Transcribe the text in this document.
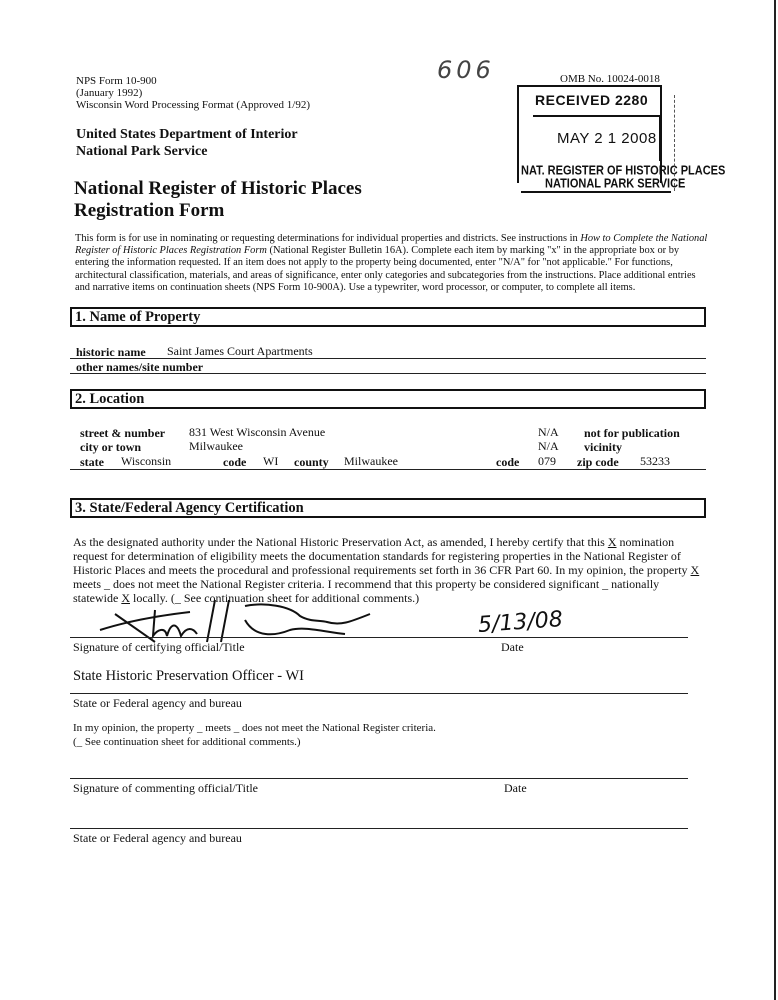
NPS Form 10-900
(January 1992)
Wisconsin Word Processing Format (Approved 1/92)
606	OMB No. 10024-0018
RECEIVED 2280
MAY 2 1 2008
NAT. REGISTER OF HISTORIC PLACES
NATIONAL PARK SERVICE
United States Department of Interior
National Park Service
National Register of Historic Places
Registration Form
This form is for use in nominating or requesting determinations for individual properties and districts. See instructions in How to Complete the National Register of Historic Places Registration Form (National Register Bulletin 16A). Complete each item by marking "x" in the appropriate box or by entering the information requested. If an item does not apply to the property being documented, enter "N/A" for "not applicable." For functions, architectural classification, materials, and areas of significance, enter only categories and subcategories from the instructions. Place additional entries and narrative items on continuation sheets (NPS Form 10-900A). Use a typewriter, word processor, or computer, to complete all items.
1. Name of Property
historic name Saint James Court Apartments
other names/site number
2. Location
street & number 831 West Wisconsin Avenue	N/A not for publication
city or town	Milwaukee	N/A vicinity
state Wisconsin	code WI county Milwaukee	code 079 zip code 53233
3. State/Federal Agency Certification
As the designated authority under the National Historic Preservation Act, as amended, I hereby certify that this X nomination request for determination of eligibility meets the documentation standards for registering properties in the National Register of Historic Places and meets the procedural and professional requirements set forth in 36 CFR Part 60. In my opinion, the property X meets _ does not meet the National Register criteria. I recommend that this property be considered significant _ nationally statewide X locally. (_ See continuation sheet for additional comments.)
Signature of certifying official/Title
5/13/08
Date
State Historic Preservation Officer - WI
State or Federal agency and bureau
In my opinion, the property _ meets _ does not meet the National Register criteria.
(_ See continuation sheet for additional comments.)
Signature of commenting official/Title	Date
State or Federal agency and bureau
